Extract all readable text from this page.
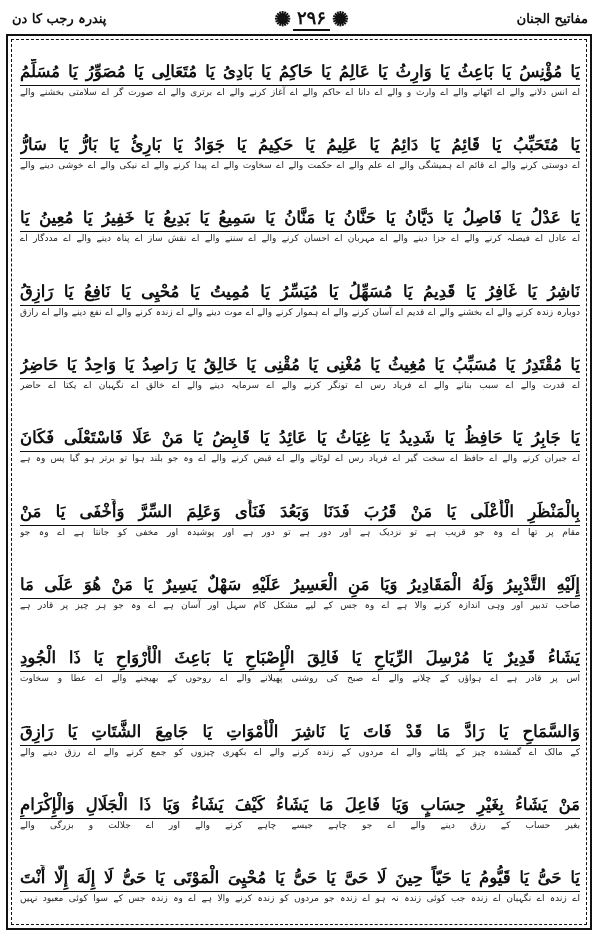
مفاتیح الجنان
✺
۲۹۶
✺
پندرہ رجب کا دن
یَا مُؤْنِسُ یَا بَاعِثُ یَا وَارِثُ یَا عَالِمُ یَا حَاکِمُ یَا بَادِیُ یَا مُتَعَالِی یَا مُصَوِّرُ یَا مُسَلِّمُ
اے انس دلانے والے اے اٹھانے والے اے وارث و والے اے دانا اے حاکم والے اے آغاز کرنے والے اے برتری والے اے صورت گر اے سلامتی بخشنے والے
یَا مُتَحَبِّبُ یَا قَائِمُ یَا دَائِمُ یَا عَلِیمُ یَا حَکِیمُ یَا جَوَادُ یَا بَارِئُ یَا بَارُّ یَا سَارُّ
اے دوستی کرنے والے اے قائم اے ہمیشگی والے اے علم والے اے حکمت والے اے سخاوت والے اے پیدا کرنے والے اے نیکی والے اے خوشی دینے والے
یَا عَدْلُ یَا فَاصِلُ یَا دَیَّانُ یَا حَنَّانُ یَا مَنَّانُ یَا سَمِیعُ یَا بَدِیعُ یَا خَفِیرُ یَا مُعِینُ یَا
اے عادل اے فیصلہ کرنے والے اے جزا دینے والے اے مہربان اے احسان کرنے والے اے سننے والے اے نقش ساز اے پناہ دینے والے اے مددگار اے
نَاشِرُ یَا غَافِرُ یَا قَدِیمُ یَا مُسَهِّلُ یَا مُیَسِّرُ یَا مُمِیتُ یَا مُحْیِی یَا نَافِعُ یَا رَازِقُ
دوبارہ زندہ کرنے والے اے بخشنے والے اے قدیم اے آسان کرنے والے اے ہموار کرنے والے اے موت دینے والے اے زندہ کرنے والے اے نفع دینے والے اے رازق
یَا مُقْتَدِرُ یَا مُسَبِّبُ یَا مُغِیثُ یَا مُغْنِی یَا مُقْنِی یَا خَالِقُ یَا رَاصِدُ یَا وَاحِدُ یَا حَاضِرُ
اے قدرت والے اے سبب بنانے والے اے فریاد رس اے تونگر کرنے والے اے سرمایہ دینے والے اے خالق اے نگہبان اے یکتا اے حاضر
یَا جَابِرُ یَا حَافِظُ یَا شَدِیدُ یَا غِیَاثُ یَا عَائِدُ یَا قَابِضُ یَا مَنْ عَلَا فَاسْتَعْلَی فَکَانَ
اے جبران کرنے والے اے حافظ اے سخت گیر اے فریاد رس اے لوٹانے والے اے قبض کرنے والے اے وہ جو بلند ہوا تو برتر ہو گیا پس وہ ہے
بِالْمَنْظَرِ الْأَعْلَی یَا مَنْ قَرُبَ فَدَنَا وَبَعُدَ فَنَأَی وَعَلِمَ السِّرَّ وَأَخْفَی یَا مَنْ
مقام پر تھا اے وہ جو قریب ہے تو نزدیک ہے اور دور ہے تو دور ہے اور پوشیدہ اور مخفی کو جانتا ہے اے وہ جو
إِلَیْهِ التَّدْبِیرُ وَلَهُ الْمَقَادِیرُ وَیَا مَنِ الْعَسِیرُ عَلَیْهِ سَهْلٌ یَسِیرٌ یَا مَنْ هُوَ عَلَی مَا
صاحب تدبیر اور وہی اندازہ کرنے والا ہے اے وہ جس کے لیے مشکل کام سہل اور آسان ہے اے وہ جو ہر چیز پر قادر ہے
یَشَاءُ قَدِیرٌ یَا مُرْسِلَ الرِّیَاحِ یَا فَالِقَ الْإِصْبَاحِ یَا بَاعِثَ الْأَرْوَاحِ یَا ذَا الْجُودِ
اس پر قادر ہے اے ہواؤں کے چلانے والے اے صبح کی روشنی پھیلانے والے اے روحوں کے بھیجنے والے اے عطا و سخاوت
وَالسَّمَاحِ یَا رَادَّ مَا قَدْ فَاتَ یَا نَاشِرَ الْأَمْوَاتِ یَا جَامِعَ الشَّتَاتِ یَا رَازِقَ
کے مالک اے گمشدہ چیز کے پلٹانے والے اے مردوں کے زندہ کرنے والے اے بکھری چیزوں کو جمع کرنے والے اے رزق دینے والے
مَنْ یَشَاءُ بِغَیْرِ حِسَابٍ وَیَا فَاعِلَ مَا یَشَاءُ کَیْفَ یَشَاءُ وَیَا ذَا الْجَلَالِ وَالْإِکْرَامِ
بغیر حساب کے رزق دینے والے اے جو چاہے جیسے چاہے کرنے والے اور اے جلالت و بزرگی والے
یَا حَیُّ یَا قَیُّومُ یَا حَیّاً حِینَ لَا حَیَّ یَا حَیُّ یَا مُحْیِیَ الْمَوْتَی یَا حَیُّ لَا إِلَهَ إِلَّا أَنْتَ
اے زندہ اے نگہبان اے زندہ جب کوئی زندہ نہ ہو اے زندہ جو مردوں کو زندہ کرنے والا ہے اے وہ زندہ جس کے سوا کوئی معبود نہیں
